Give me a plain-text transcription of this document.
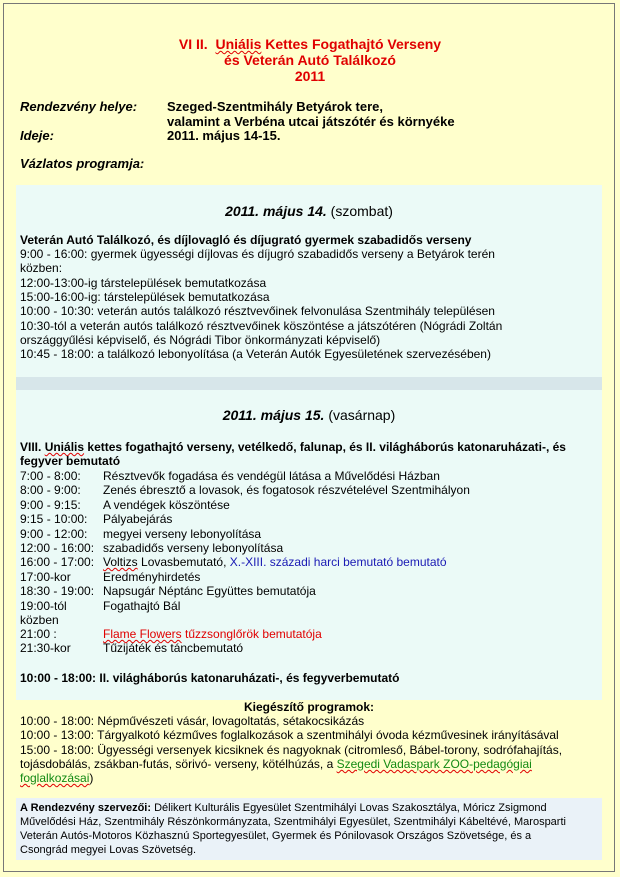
VI II. Uniális Kettes Fogathajtó Verseny
és Veterán Autó Találkozó
2011
Rendezvény helye: Szeged-Szentmihály Betyárok tere,
valamint a Verbéna utcai játszótér és környéke
Ideje:	2011. május 14-15.
Vázlatos programja:
2011. május 14. (szombat)
Veterán Autó Találkozó, és díjlovagló és díjugrató gyermek szabadidős verseny
9:00 - 16:00: gyermek ügyességi díjlovas és díjugró szabadidős verseny a Betyárok terén
közben:
12:00-13:00-ig társtelepülések bemutatkozása
15:00-16:00-ig: társtelepülések bemutatkozása
10:00 - 10:30: veterán autós találkozó résztvevőinek felvonulása Szentmihály településen
10:30-tól a veterán autós találkozó résztvevőinek köszöntése a játszótéren (Nógrádi Zoltán
országgyűlési képviselő, és Nógrádi Tibor önkormányzati képviselő)
10:45 - 18:00: a találkozó lebonyolítása (a Veterán Autók Egyesületének szervezésében)
2011. május 15. (vasárnap)
VIII. Uniális kettes fogathajtó verseny, vetélkedő, falunap, és II. világháborús katonaruházati-, és
fegyver bemutató
7:00 - 8:00: Résztvevők fogadása és vendégül látása a Művelődési Házban
8:00 - 9:00: Zenés ébresztő a lovasok, és fogatosok részvételével Szentmihályon
9:00 - 9:15: A vendégek köszöntése
9:15 - 10:00: Pályabejárás
9:00 - 12:00: megyei verseny lebonyolítása
12:00 - 16:00: szabadidős verseny lebonyolítása
16:00 - 17:00: Voltizs Lovasbemutató, X.-XIII. századi harci bemutató bemutató
17:00-kor	Eredményhirdetés
18:30 - 19:00: Napsugár Néptánc Együttes bemutatója
19:00-tól	Fogathajtó Bál
közben
21:00 :	Flame Flowers tűzzsonglőrök bemutatója
21:30-kor	Tűzijáték és táncbemutató
10:00 - 18:00: II. világháborús katonaruházati-, és fegyverbemutató
Kiegészítő programok:
10:00 - 18:00: Népművészeti vásár, lovagoltatás, sétakocsikázás
10:00 - 13:00: Tárgyalkotó kézműves foglalkozások a szentmihályi óvoda kézművesinek irányításával
15:00 - 18:00: Ügyességi versenyek kicsiknek és nagyoknak (citromleső, Bábel-torony, sodrófahajítás,
tojásdobálás, zsákban-futás, sörivó- verseny, kötélhúzás, a Szegedi Vadaspark ZOO-pedagógiai
foglalkozásai)
A Rendezvény szervezői: Délikert Kulturális Egyesület Szentmihályi Lovas Szakosztálya, Móricz Zsigmond
Művelődési Ház, Szentmihály Részönkormányzata, Szentmihályi Egyesület, Szentmihályi Kábeltévé, Marosparti
Veterán Autós-Motoros Közhasznú Sportegyesület, Gyermek és Pónilovasok Országos Szövetsége, és a
Csongrád megyei Lovas Szövetség.
